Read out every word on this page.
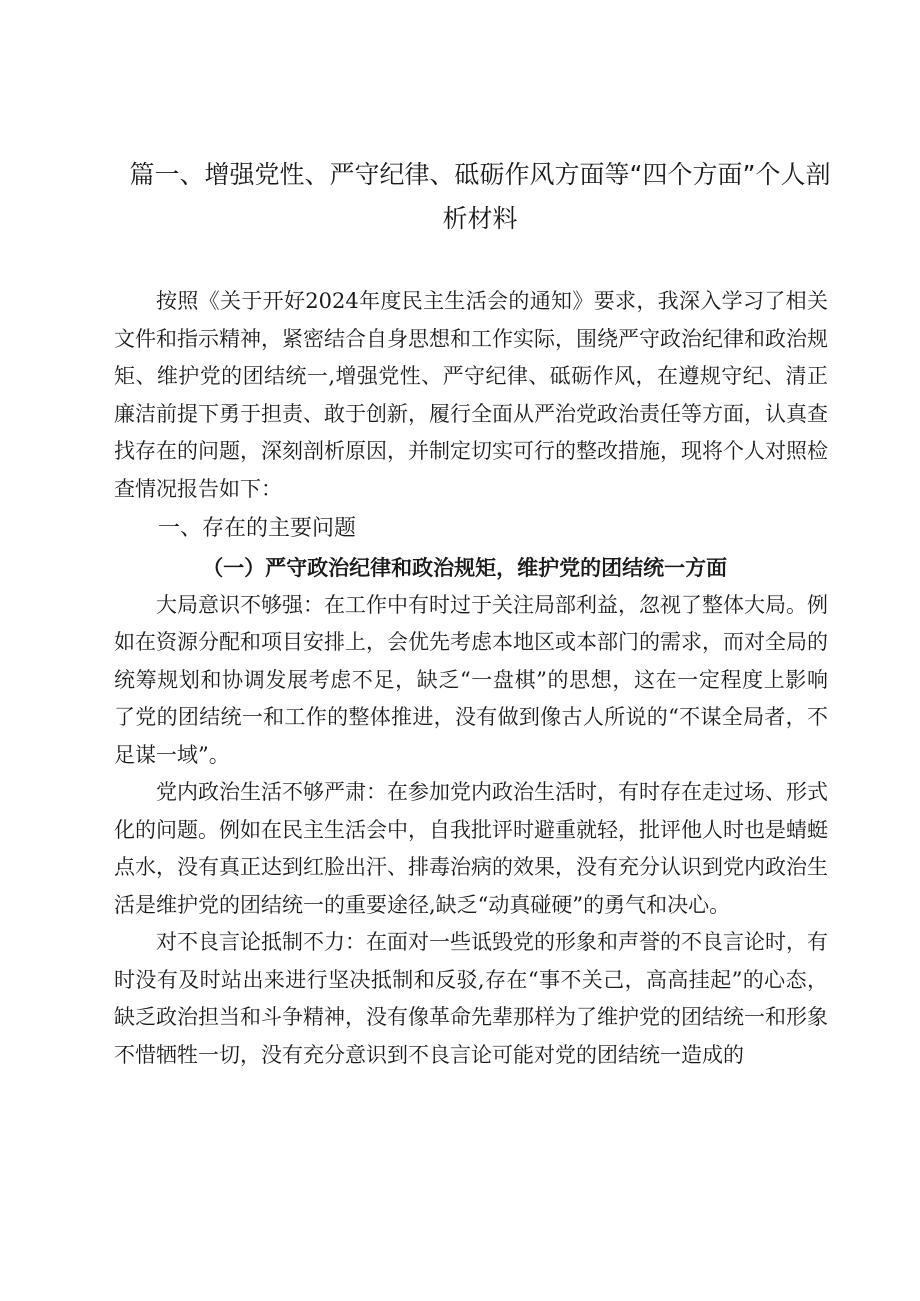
篇一、增强党性、严守纪律、砥砺作风方面等“四个方面”个人剖
析材料

按照《关于开好2024年度民主生活会的通知》要求，我深入学习了相关文件和指示精神，紧密结合自身思想和工作实际，围绕严守政治纪律和政治规矩、维护党的团结统一,增强党性、严守纪律、砥砺作风，在遵规守纪、清正廉洁前提下勇于担责、敢于创新，履行全面从严治党政治责任等方面，认真查找存在的问题，深刻剖析原因，并制定切实可行的整改措施，现将个人对照检查情况报告如下：

一、存在的主要问题
（一）严守政治纪律和政治规矩，维护党的团结统一方面

大局意识不够强：在工作中有时过于关注局部利益，忽视了整体大局。例如在资源分配和项目安排上，会优先考虑本地区或本部门的需求，而对全局的统筹规划和协调发展考虑不足，缺乏“一盘棋”的思想，这在一定程度上影响了党的团结统一和工作的整体推进，没有做到像古人所说的“不谋全局者，不足谋一域”。

党内政治生活不够严肃：在参加党内政治生活时，有时存在走过场、形式化的问题。例如在民主生活会中，自我批评时避重就轻，批评他人时也是蜻蜓点水，没有真正达到红脸出汗、排毒治病的效果，没有充分认识到党内政治生活是维护党的团结统一的重要途径,缺乏“动真碰硬”的勇气和决心。

对不良言论抵制不力：在面对一些诋毁党的形象和声誉的不良言论时，有时没有及时站出来进行坚决抵制和反驳,存在“事不关己，高高挂起”的心态，缺乏政治担当和斗争精神，没有像革命先辈那样为了维护党的团结统一和形象不惜牺牲一切，没有充分意识到不良言论可能对党的团结统一造成的
